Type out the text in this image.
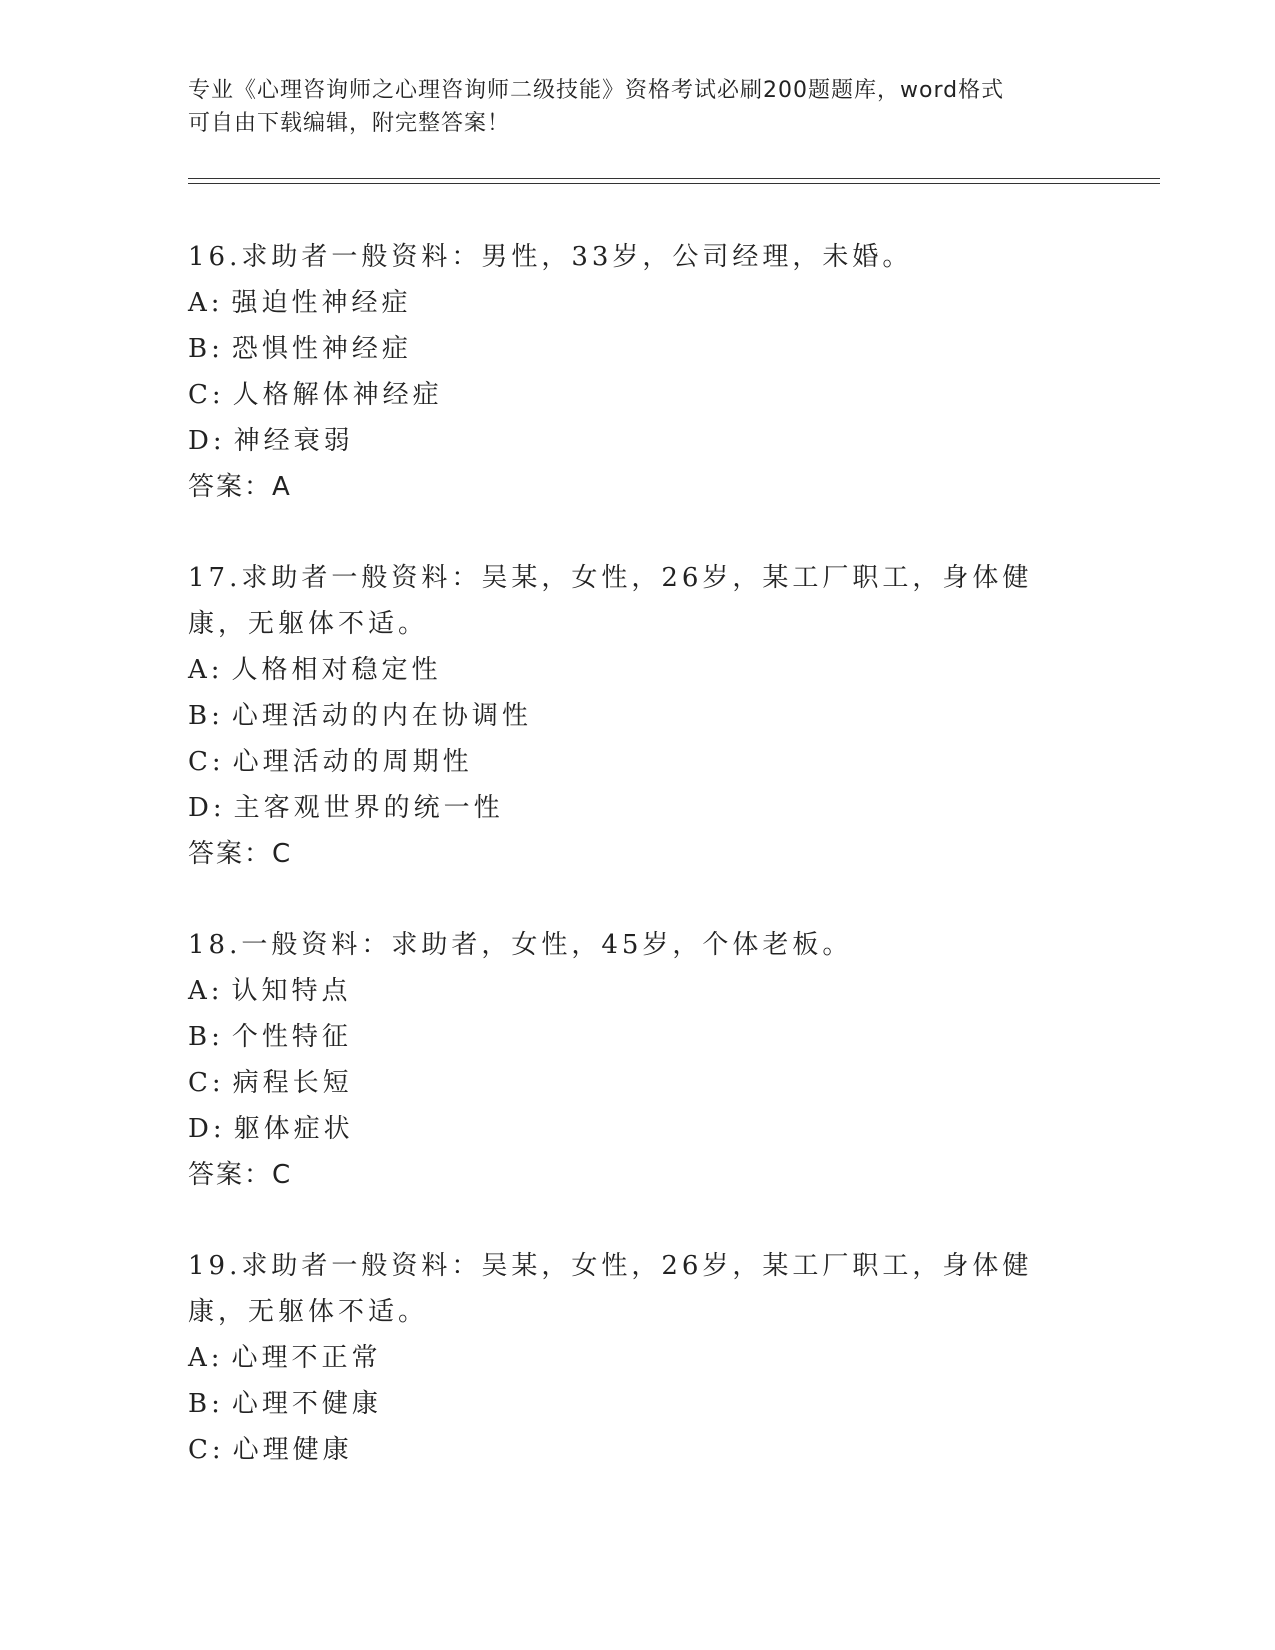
专业《心理咨询师之心理咨询师二级技能》资格考试必刷200题题库，word格式
可自由下载编辑，附完整答案！

16.求助者一般资料：男性，33岁，公司经理，未婚。

A: 强迫性神经症

B: 恐惧性神经症

C: 人格解体神经症

D: 神经衰弱

答案：A

17.求助者一般资料：吴某，女性，26岁，某工厂职工，身体健康，无躯体不适。

A: 人格相对稳定性

B: 心理活动的内在协调性

C: 心理活动的周期性

D: 主客观世界的统一性

答案：C

18.一般资料：求助者，女性，45岁，个体老板。

A: 认知特点

B: 个性特征

C: 病程长短

D: 躯体症状

答案：C

19.求助者一般资料：吴某，女性，26岁，某工厂职工，身体健康，无躯体不适。

A: 心理不正常

B: 心理不健康

C: 心理健康
